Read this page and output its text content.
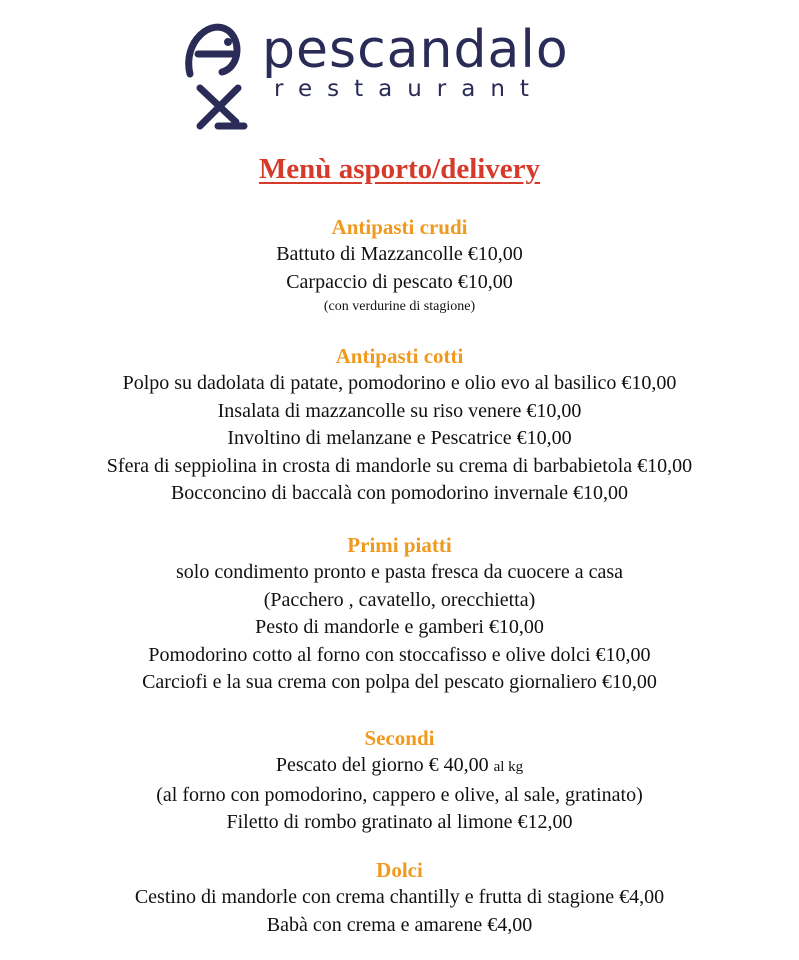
pescandalo
restaurant
Menù asporto/delivery
Antipasti crudi
Battuto di Mazzancolle €10,00
Carpaccio di pescato €10,00
(con verdurine di stagione)
Antipasti cotti
Polpo su dadolata di patate, pomodorino e olio evo al basilico €10,00
Insalata di mazzancolle su riso venere €10,00
Involtino di melanzane e Pescatrice €10,00
Sfera di seppiolina in crosta di mandorle su crema di barbabietola €10,00
Bocconcino di baccalà con pomodorino invernale €10,00
Primi piatti
solo condimento pronto e pasta fresca da cuocere a casa
(Pacchero , cavatello, orecchietta)
Pesto di mandorle e gamberi €10,00
Pomodorino cotto al forno con stoccafisso e olive dolci €10,00
Carciofi e la sua crema con polpa del pescato giornaliero €10,00
Secondi
Pescato del giorno € 40,00 al kg
(al forno con pomodorino, cappero e olive, al sale, gratinato)
Filetto di rombo gratinato al limone €12,00
Dolci
Cestino di mandorle con crema chantilly e frutta di stagione €4,00
Babà con crema e amarene €4,00
